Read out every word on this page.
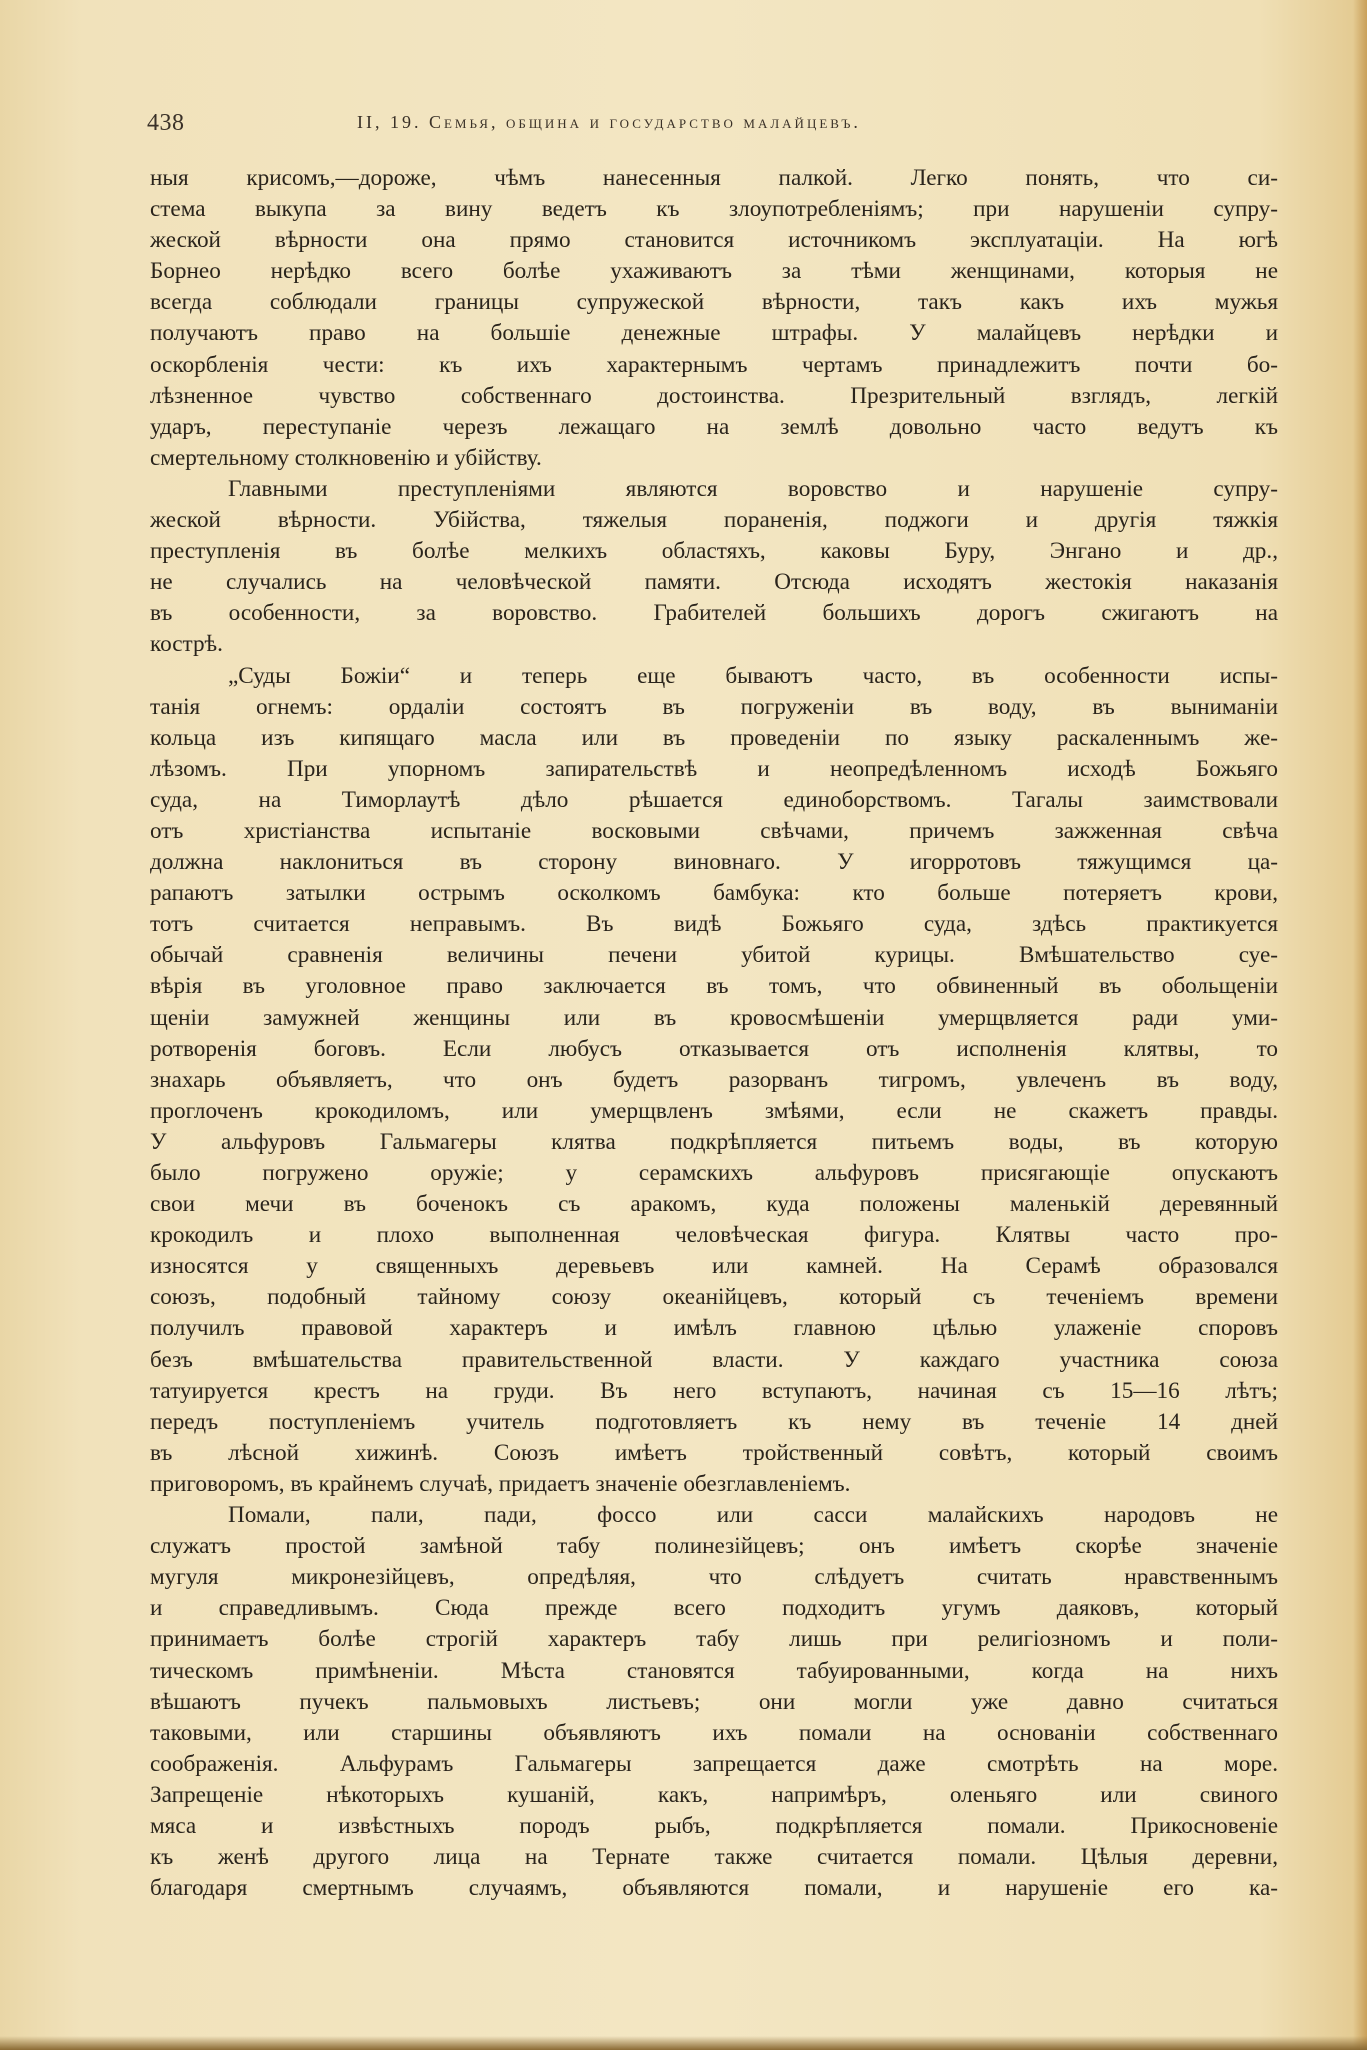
438	II, 19. Семья, община и государство малайцевъ.
ныя крисомъ,—дороже, чѣмъ нанесенныя палкой. Легко понять, что си-
стема выкупа за вину ведетъ къ злоупотребленіямъ; при нарушеніи супру-
жеской вѣрности она прямо становится источникомъ эксплуатаціи. На югѣ
Борнео нерѣдко всего болѣе ухаживаютъ за тѣми женщинами, которыя не
всегда соблюдали границы супружеской вѣрности, такъ какъ ихъ мужья
получаютъ право на большіе денежные штрафы. У малайцевъ нерѣдки и
оскорбленія чести: къ ихъ характернымъ чертамъ принадлежитъ почти бо-
лѣзненное чувство собственнаго достоинства. Презрительный взглядъ, легкій
ударъ, переступаніе черезъ лежащаго на землѣ довольно часто ведутъ къ
смертельному столкновенію и убійству.
Главными преступленіями являются воровство и нарушеніе супру-
жеской вѣрности. Убійства, тяжелыя пораненія, поджоги и другія тяжкія
преступленія въ болѣе мелкихъ областяхъ, каковы Буру, Энгано и др.,
не случались на человѣческой памяти. Отсюда исходятъ жестокія наказанія
въ особенности, за воровство. Грабителей большихъ дорогъ сжигаютъ на
кострѣ.
„Суды Божіи“ и теперь еще бываютъ часто, въ особенности испы-
танія огнемъ: ордаліи состоятъ въ погруженіи въ воду, въ выниманіи
кольца изъ кипящаго масла или въ проведеніи по языку раскаленнымъ же-
лѣзомъ. При упорномъ запирательствѣ и неопредѣленномъ исходѣ Божьяго
суда, на Тиморлаутѣ дѣло рѣшается единоборствомъ. Тагалы заимствовали
отъ христіанства испытаніе восковыми свѣчами, причемъ зажженная свѣча
должна наклониться въ сторону виновнаго. У игорротовъ тяжущимся ца-
рапаютъ затылки острымъ осколкомъ бамбука: кто больше потеряетъ крови,
тотъ считается неправымъ. Въ видѣ Божьяго суда, здѣсь практикуется
обычай сравненія величины печени убитой курицы. Вмѣшательство суе-
вѣрія въ уголовное право заключается въ томъ, что обвиненный въ обольщеніи
щеніи замужней женщины или въ кровосмѣшеніи умерщвляется ради уми-
ротворенія боговъ. Если любусъ отказывается отъ исполненія клятвы, то
знахарь объявляетъ, что онъ будетъ разорванъ тигромъ, увлеченъ въ воду,
проглоченъ крокодиломъ, или умерщвленъ змѣями, если не скажетъ правды.
У альфуровъ Гальмагеры клятва подкрѣпляется питьемъ воды, въ которую
было погружено оружіе; у серамскихъ альфуровъ присягающіе опускаютъ
свои мечи въ боченокъ съ аракомъ, куда положены маленькій деревянный
крокодилъ и плохо выполненная человѣческая фигура. Клятвы часто про-
износятся у священныхъ деревьевъ или камней. На Серамѣ образовался
союзъ, подобный тайному союзу океанійцевъ, который съ теченіемъ времени
получилъ правовой характеръ и имѣлъ главною цѣлью улаженіе споровъ
безъ вмѣшательства правительственной власти. У каждаго участника союза
татуируется крестъ на груди. Въ него вступаютъ, начиная съ 15—16 лѣтъ;
передъ поступленіемъ учитель подготовляетъ къ нему въ теченіе 14 дней
въ лѣсной хижинѣ. Союзъ имѣетъ тройственный совѣтъ, который своимъ
приговоромъ, въ крайнемъ случаѣ, придаетъ значеніе обезглавленіемъ.
Помали, пали, пади, фоссо или сасси малайскихъ народовъ не
служатъ простой замѣной табу полинезійцевъ; онъ имѣетъ скорѣе значеніе
мугуля микронезійцевъ, опредѣляя, что слѣдуетъ считать нравственнымъ
и справедливымъ. Сюда прежде всего подходитъ угумъ даяковъ, который
принимаетъ болѣе строгій характеръ табу лишь при религіозномъ и поли-
тическомъ примѣненіи. Мѣста становятся табуированными, когда на нихъ
вѣшаютъ пучекъ пальмовыхъ листьевъ; они могли уже давно считаться
таковыми, или старшины объявляютъ ихъ помали на основаніи собственнаго
соображенія. Альфурамъ Гальмагеры запрещается даже смотрѣть на море.
Запрещеніе нѣкоторыхъ кушаній, какъ, напримѣръ, оленьяго или свиного
мяса и извѣстныхъ породъ рыбъ, подкрѣпляется помали. Прикосновеніе
къ женѣ другого лица на Тернате также считается помали. Цѣлыя деревни,
благодаря смертнымъ случаямъ, объявляются помали, и нарушеніе его ка-
